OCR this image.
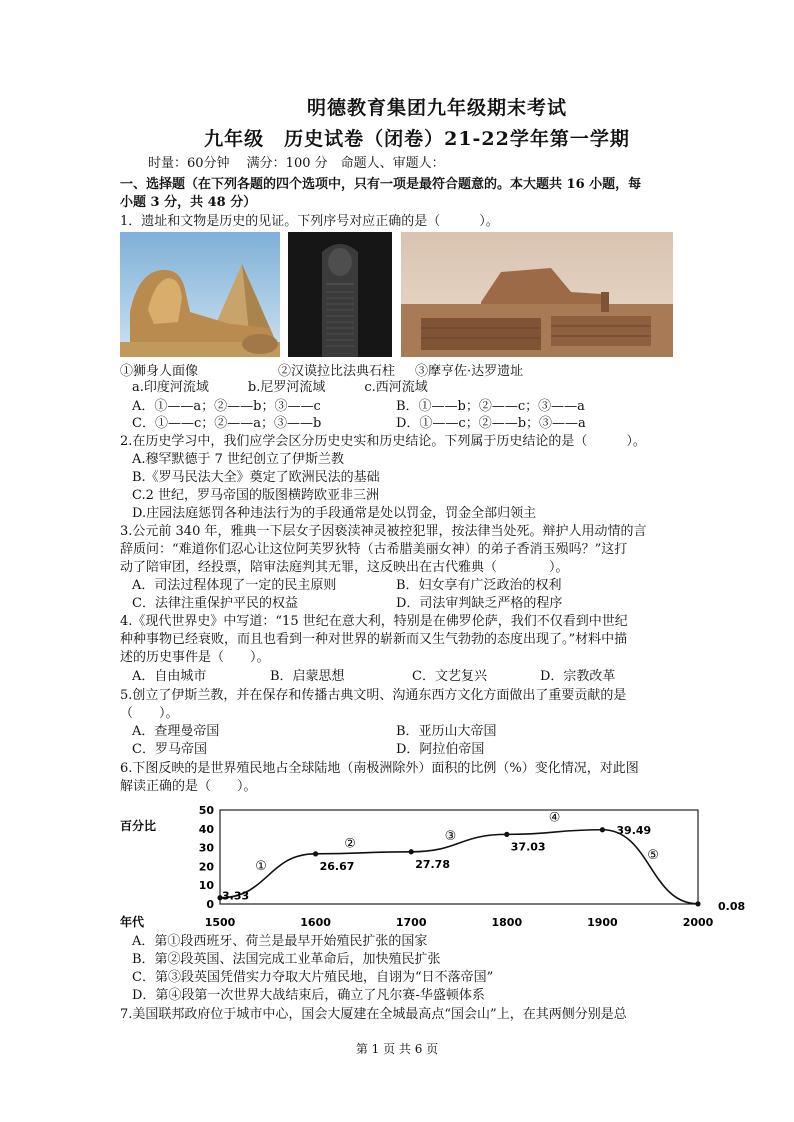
明德教育集团九年级期末考试
九年级　历史试卷（闭卷）21-22学年第一学期
时量：60分钟　 满分：100 分　命题人、审题人：
一、选择题（在下列各题的四个选项中，只有一项是最符合题意的。本大题共 16 小题，每
小题 3 分，共 48 分）
1．遗址和文物是历史的见证。下列序号对应正确的是（　　　）。
①狮身人面像	②汉谟拉比法典石柱 ③摩亨佐·达罗遗址
a.印度河流域　　　b.尼罗河流域　　　c.西河流域
A．①——a；②——b；③——c	B．①——b；②——c；③——a
C．①——c；②——a；③——b	D．①——c；②——b；③——a
2.在历史学习中，我们应学会区分历史史实和历史结论。下列属于历史结论的是（　　　）。
A.穆罕默德于 7 世纪创立了伊斯兰教
B.《罗马民法大全》奠定了欧洲民法的基础
C.2 世纪，罗马帝国的版图横跨欧亚非三洲
D.庄园法庭惩罚各种违法行为的手段通常是处以罚金，罚金全部归领主
3.公元前 340 年，雅典一下层女子因亵渎神灵被控犯罪，按法律当处死。辩护人用动情的言
辞质问：“难道你们忍心让这位阿芙罗狄特（古希腊美丽女神）的弟子香消玉殒吗？”这打
动了陪审团，经投票，陪审法庭判其无罪，这反映出在古代雅典（　　　　）。
A．司法过程体现了一定的民主原则	B．妇女享有广泛政治的权利
C．法律注重保护平民的权益	D．司法审判缺乏严格的程序
4.《现代世界史》中写道：“15 世纪在意大利，特别是在佛罗伦萨，我们不仅看到中世纪
种种事物已经衰败，而且也看到一种对世界的崭新而又生气勃勃的态度出现了。”材料中描
述的历史事件是（　　）。
A．自由城市	B．启蒙思想	C．文艺复兴	D．宗教改革
5.创立了伊斯兰教，并在保存和传播古典文明、沟通东西方文化方面做出了重要贡献的是
（　　）。
A．查理曼帝国	B．亚历山大帝国
C．罗马帝国	D．阿拉伯帝国
6.下图反映的是世界殖民地占全球陆地（南极洲除外）面积的比例（%）变化情况，对此图
解读正确的是（　　）。
百分比
年代
0
10
20
30
40
50
1500	1600	1700	1800	1900	2000
3.33
26.67	27.78
37.03
39.49
0.08
①
②
③
④
⑤
A．第①段西班牙、荷兰是最早开始殖民扩张的国家
B．第②段英国、法国完成工业革命后，加快殖民扩张
C．第③段英国凭借实力夺取大片殖民地，自诩为“日不落帝国”
D．第④段第一次世界大战结束后，确立了凡尔赛-华盛顿体系
7.美国联邦政府位于城市中心，国会大厦建在全城最高点“国会山”上，在其两侧分别是总
第 1 页 共 6 页
